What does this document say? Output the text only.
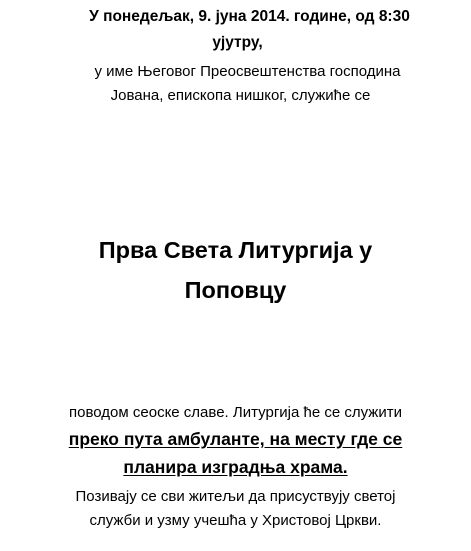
У понедељак, 9. јуна 2014. године, од 8:30
ујутру,
у име Његовог Преосвештенства господина
Јована, епископа нишког, служиће се
Прва Света Литургија у
Поповцу
поводом сеоске славе. Литургија ће се служити
преко пута амбуланте, на месту где се
планира изградња храма.
Позивају се сви житељи да присуствују светој
служби и узму учешћа у Христовој Цркви.
